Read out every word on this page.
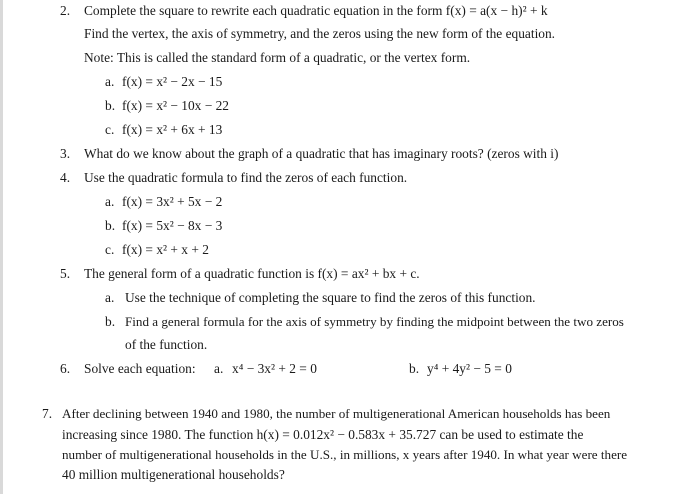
2. Complete the square to rewrite each quadratic equation in the form f(x) = a(x − h)² + k
Find the vertex, the axis of symmetry, and the zeros using the new form of the equation.
Note: This is called the standard form of a quadratic, or the vertex form.
a. f(x) = x² − 2x − 15
b. f(x) = x² − 10x − 22
c. f(x) = x² + 6x + 13
3. What do we know about the graph of a quadratic that has imaginary roots? (zeros with i)
4. Use the quadratic formula to find the zeros of each function.
a. f(x) = 3x² + 5x − 2
b. f(x) = 5x² − 8x − 3
c. f(x) = x² + x + 2
5. The general form of a quadratic function is f(x) = ax² + bx + c.
a. Use the technique of completing the square to find the zeros of this function.
b. Find a general formula for the axis of symmetry by finding the midpoint between the two zeros
of the function.
6. Solve each equation: a. x⁴ − 3x² + 2 = 0	b. y⁴ + 4y² − 5 = 0
7. After declining between 1940 and 1980, the number of multigenerational American households has been
increasing since 1980. The function h(x) = 0.012x² − 0.583x + 35.727 can be used to estimate the
number of multigenerational households in the U.S., in millions, x years after 1940. In what year were there
40 million multigenerational households?
